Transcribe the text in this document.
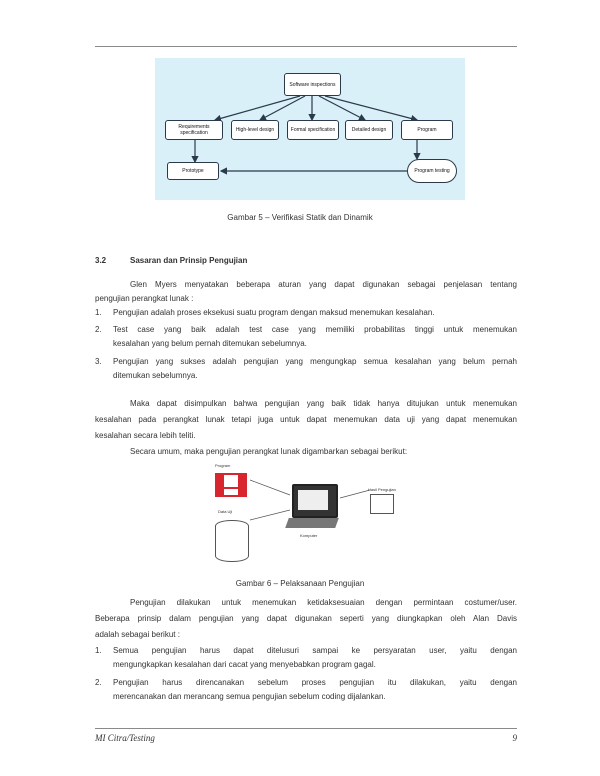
Software inspections
Requirements specification	High-level design	Formal specification	Detailed design	Program
Prototype	Program testing
Gambar 5 – Verifikasi Statik dan Dinamik
3.2	Sasaran dan Prinsip Pengujian
Glen Myers menyatakan beberapa aturan yang dapat digunakan sebagai penjelasan tentang
pengujian perangkat lunak :
1. Pengujian adalah proses eksekusi suatu program dengan maksud menemukan kesalahan.
2. Test case yang baik adalah test case yang memiliki probabilitas tinggi untuk menemukan
kesalahan yang belum pernah ditemukan sebelumnya.
3. Pengujian yang sukses adalah pengujian yang mengungkap semua kesalahan yang belum pernah
ditemukan sebelumnya.
Maka dapat disimpulkan bahwa pengujian yang baik tidak hanya ditujukan untuk menemukan
kesalahan pada perangkat lunak tetapi juga untuk dapat menemukan data uji yang dapat menemukan
kesalahan secara lebih teliti.
Secara umum, maka pengujian perangkat lunak digambarkan sebagai berikut:
Program
Data Uji
Komputer
Hasil Pengujian
Gambar 6 – Pelaksanaan Pengujian
Pengujian dilakukan untuk menemukan ketidaksesuaian dengan permintaan costumer/user.
Beberapa prinsip dalam pengujian yang dapat digunakan seperti yang diungkapkan oleh Alan Davis
adalah sebagai berikut :
1. Semua pengujian harus dapat ditelusuri sampai ke persyaratan user, yaitu dengan
mengungkapkan kesalahan dari cacat yang menyebabkan program gagal.
2. Pengujian harus direncanakan sebelum proses pengujian itu dilakukan, yaitu dengan
merencanakan dan merancang semua pengujian sebelum coding dijalankan.
MI Citra/Testing	9
